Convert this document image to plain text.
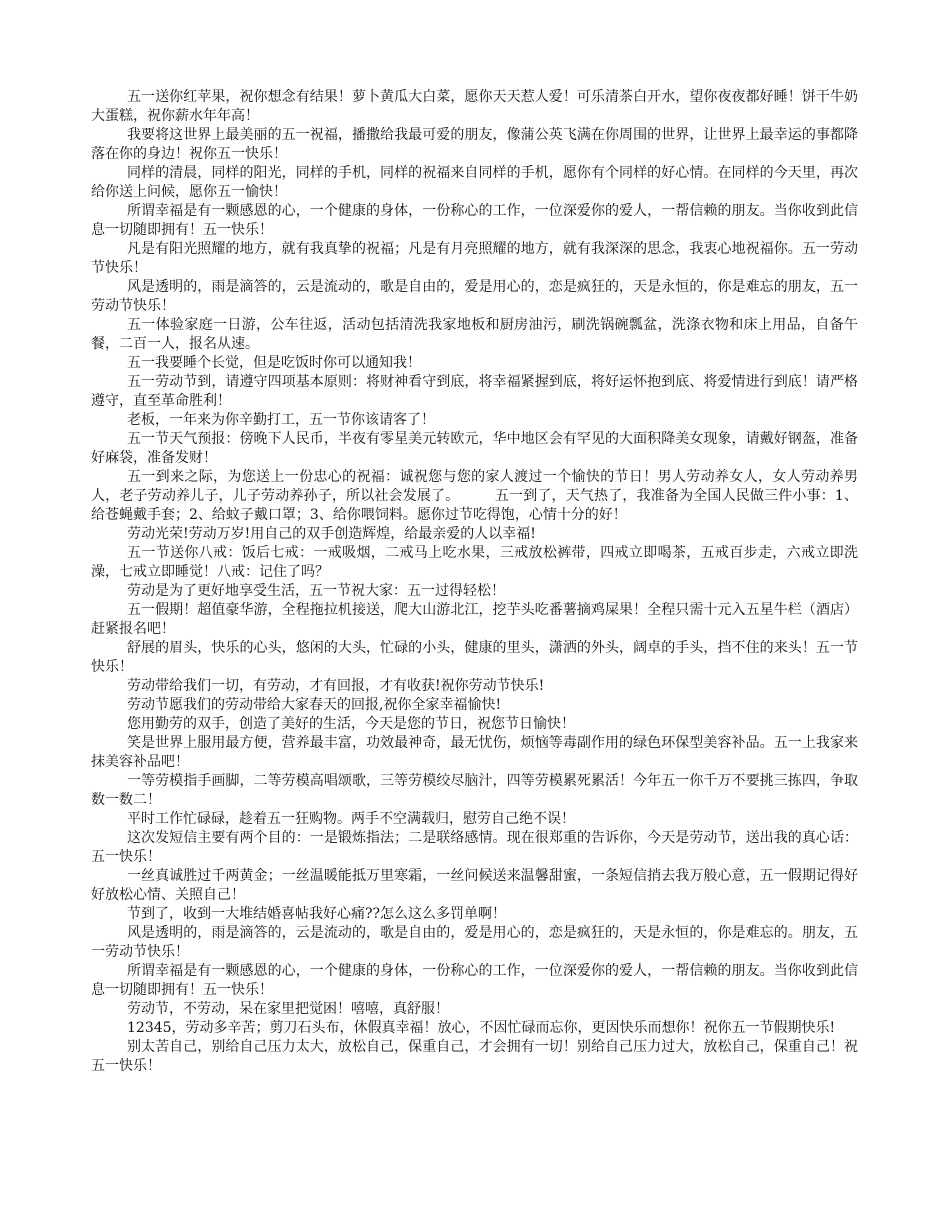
五一送你红苹果，祝你想念有结果！萝卜黄瓜大白菜，愿你天天惹人爱！可乐清茶白开水，望你夜夜都好睡！饼干牛奶大蛋糕，祝你薪水年年高！

我要将这世界上最美丽的五一祝福，播撒给我最可爱的朋友，像蒲公英飞满在你周围的世界，让世界上最幸运的事都降落在你的身边！祝你五一快乐！

同样的清晨，同样的阳光，同样的手机，同样的祝福来自同样的手机，愿你有个同样的好心情。在同样的今天里，再次给你送上问候，愿你五一愉快！

所谓幸福是有一颗感恩的心，一个健康的身体，一份称心的工作，一位深爱你的爱人，一帮信赖的朋友。当你收到此信息一切随即拥有！五一快乐！

凡是有阳光照耀的地方，就有我真挚的祝福；凡是有月亮照耀的地方，就有我深深的思念，我衷心地祝福你。五一劳动节快乐！

风是透明的，雨是滴答的，云是流动的，歌是自由的，爱是用心的，恋是疯狂的，天是永恒的，你是难忘的朋友，五一劳动节快乐！

五一体验家庭一日游，公车往返，活动包括清洗我家地板和厨房油污，刷洗锅碗瓢盆，洗涤衣物和床上用品，自备午餐，二百一人，报名从速。

五一我要睡个长觉，但是吃饭时你可以通知我！

五一劳动节到，请遵守四项基本原则：将财神看守到底，将幸福紧握到底，将好运怀抱到底、将爱情进行到底！请严格遵守，直至革命胜利！

老板，一年来为你辛勤打工，五一节你该请客了！

五一节天气预报：傍晚下人民币，半夜有零星美元转欧元，华中地区会有罕见的大面积降美女现象，请戴好钢盔，准备好麻袋，准备发财！

五一到来之际，为您送上一份忠心的祝福：诚祝您与您的家人渡过一个愉快的节日！男人劳动养女人，女人劳动养男人，老子劳动养儿子，儿子劳动养孙子，所以社会发展了。　　　五一到了，天气热了，我准备为全国人民做三件小事：1、给苍蝇戴手套；2、给蚊子戴口罩；3、给你喂饲料。愿你过节吃得饱，心情十分的好！

劳动光荣!劳动万岁!用自己的双手创造辉煌，给最亲爱的人以幸福!

五一节送你八戒：饭后七戒：一戒吸烟，二戒马上吃水果，三戒放松裤带，四戒立即喝茶，五戒百步走，六戒立即洗澡，七戒立即睡觉！八戒：记住了吗？

劳动是为了更好地享受生活，五一节祝大家：五一过得轻松！

五一假期！超值豪华游，全程拖拉机接送，爬大山游北江，挖芋头吃番薯摘鸡屎果！全程只需十元入五星牛栏（酒店）赶紧报名吧！

舒展的眉头，快乐的心头，悠闲的大头，忙碌的小头，健康的里头，潇洒的外头，阔卓的手头，挡不住的来头！五一节快乐！

劳动带给我们一切，有劳动，才有回报，才有收获!祝你劳动节快乐!

劳动节愿我们的劳动带给大家春天的回报,祝你全家幸福愉快!

您用勤劳的双手，创造了美好的生活，今天是您的节日，祝您节日愉快！

笑是世界上服用最方便，营养最丰富，功效最神奇，最无忧伤，烦恼等毒副作用的绿色环保型美容补品。五一上我家来抹美容补品吧！

一等劳模指手画脚，二等劳模高唱颂歌，三等劳模绞尽脑汁，四等劳模累死累活！今年五一你千万不要挑三拣四，争取数一数二！

平时工作忙碌碌，趁着五一狂购物。两手不空满载归，慰劳自己绝不误！

这次发短信主要有两个目的：一是锻炼指法；二是联络感情。现在很郑重的告诉你，今天是劳动节，送出我的真心话：五一快乐！

一丝真诚胜过千两黄金；一丝温暖能抵万里寒霜，一丝问候送来温馨甜蜜，一条短信捎去我万般心意，五一假期记得好好放松心情、关照自己！

节到了，收到一大堆结婚喜帖我好心痛??怎么这么多罚单啊！

风是透明的，雨是滴答的，云是流动的，歌是自由的，爱是用心的，恋是疯狂的，天是永恒的，你是难忘的。朋友，五一劳动节快乐！

所谓幸福是有一颗感恩的心，一个健康的身体，一份称心的工作，一位深爱你的爱人，一帮信赖的朋友。当你收到此信息一切随即拥有！五一快乐！

劳动节，不劳动，呆在家里把觉困！嘻嘻，真舒服！

12345，劳动多辛苦；剪刀石头布，休假真幸福！放心，不因忙碌而忘你，更因快乐而想你！祝你五一节假期快乐!

别太苦自己，别给自己压力太大，放松自己，保重自己，才会拥有一切！别给自己压力过大，放松自己，保重自己！祝五一快乐！
